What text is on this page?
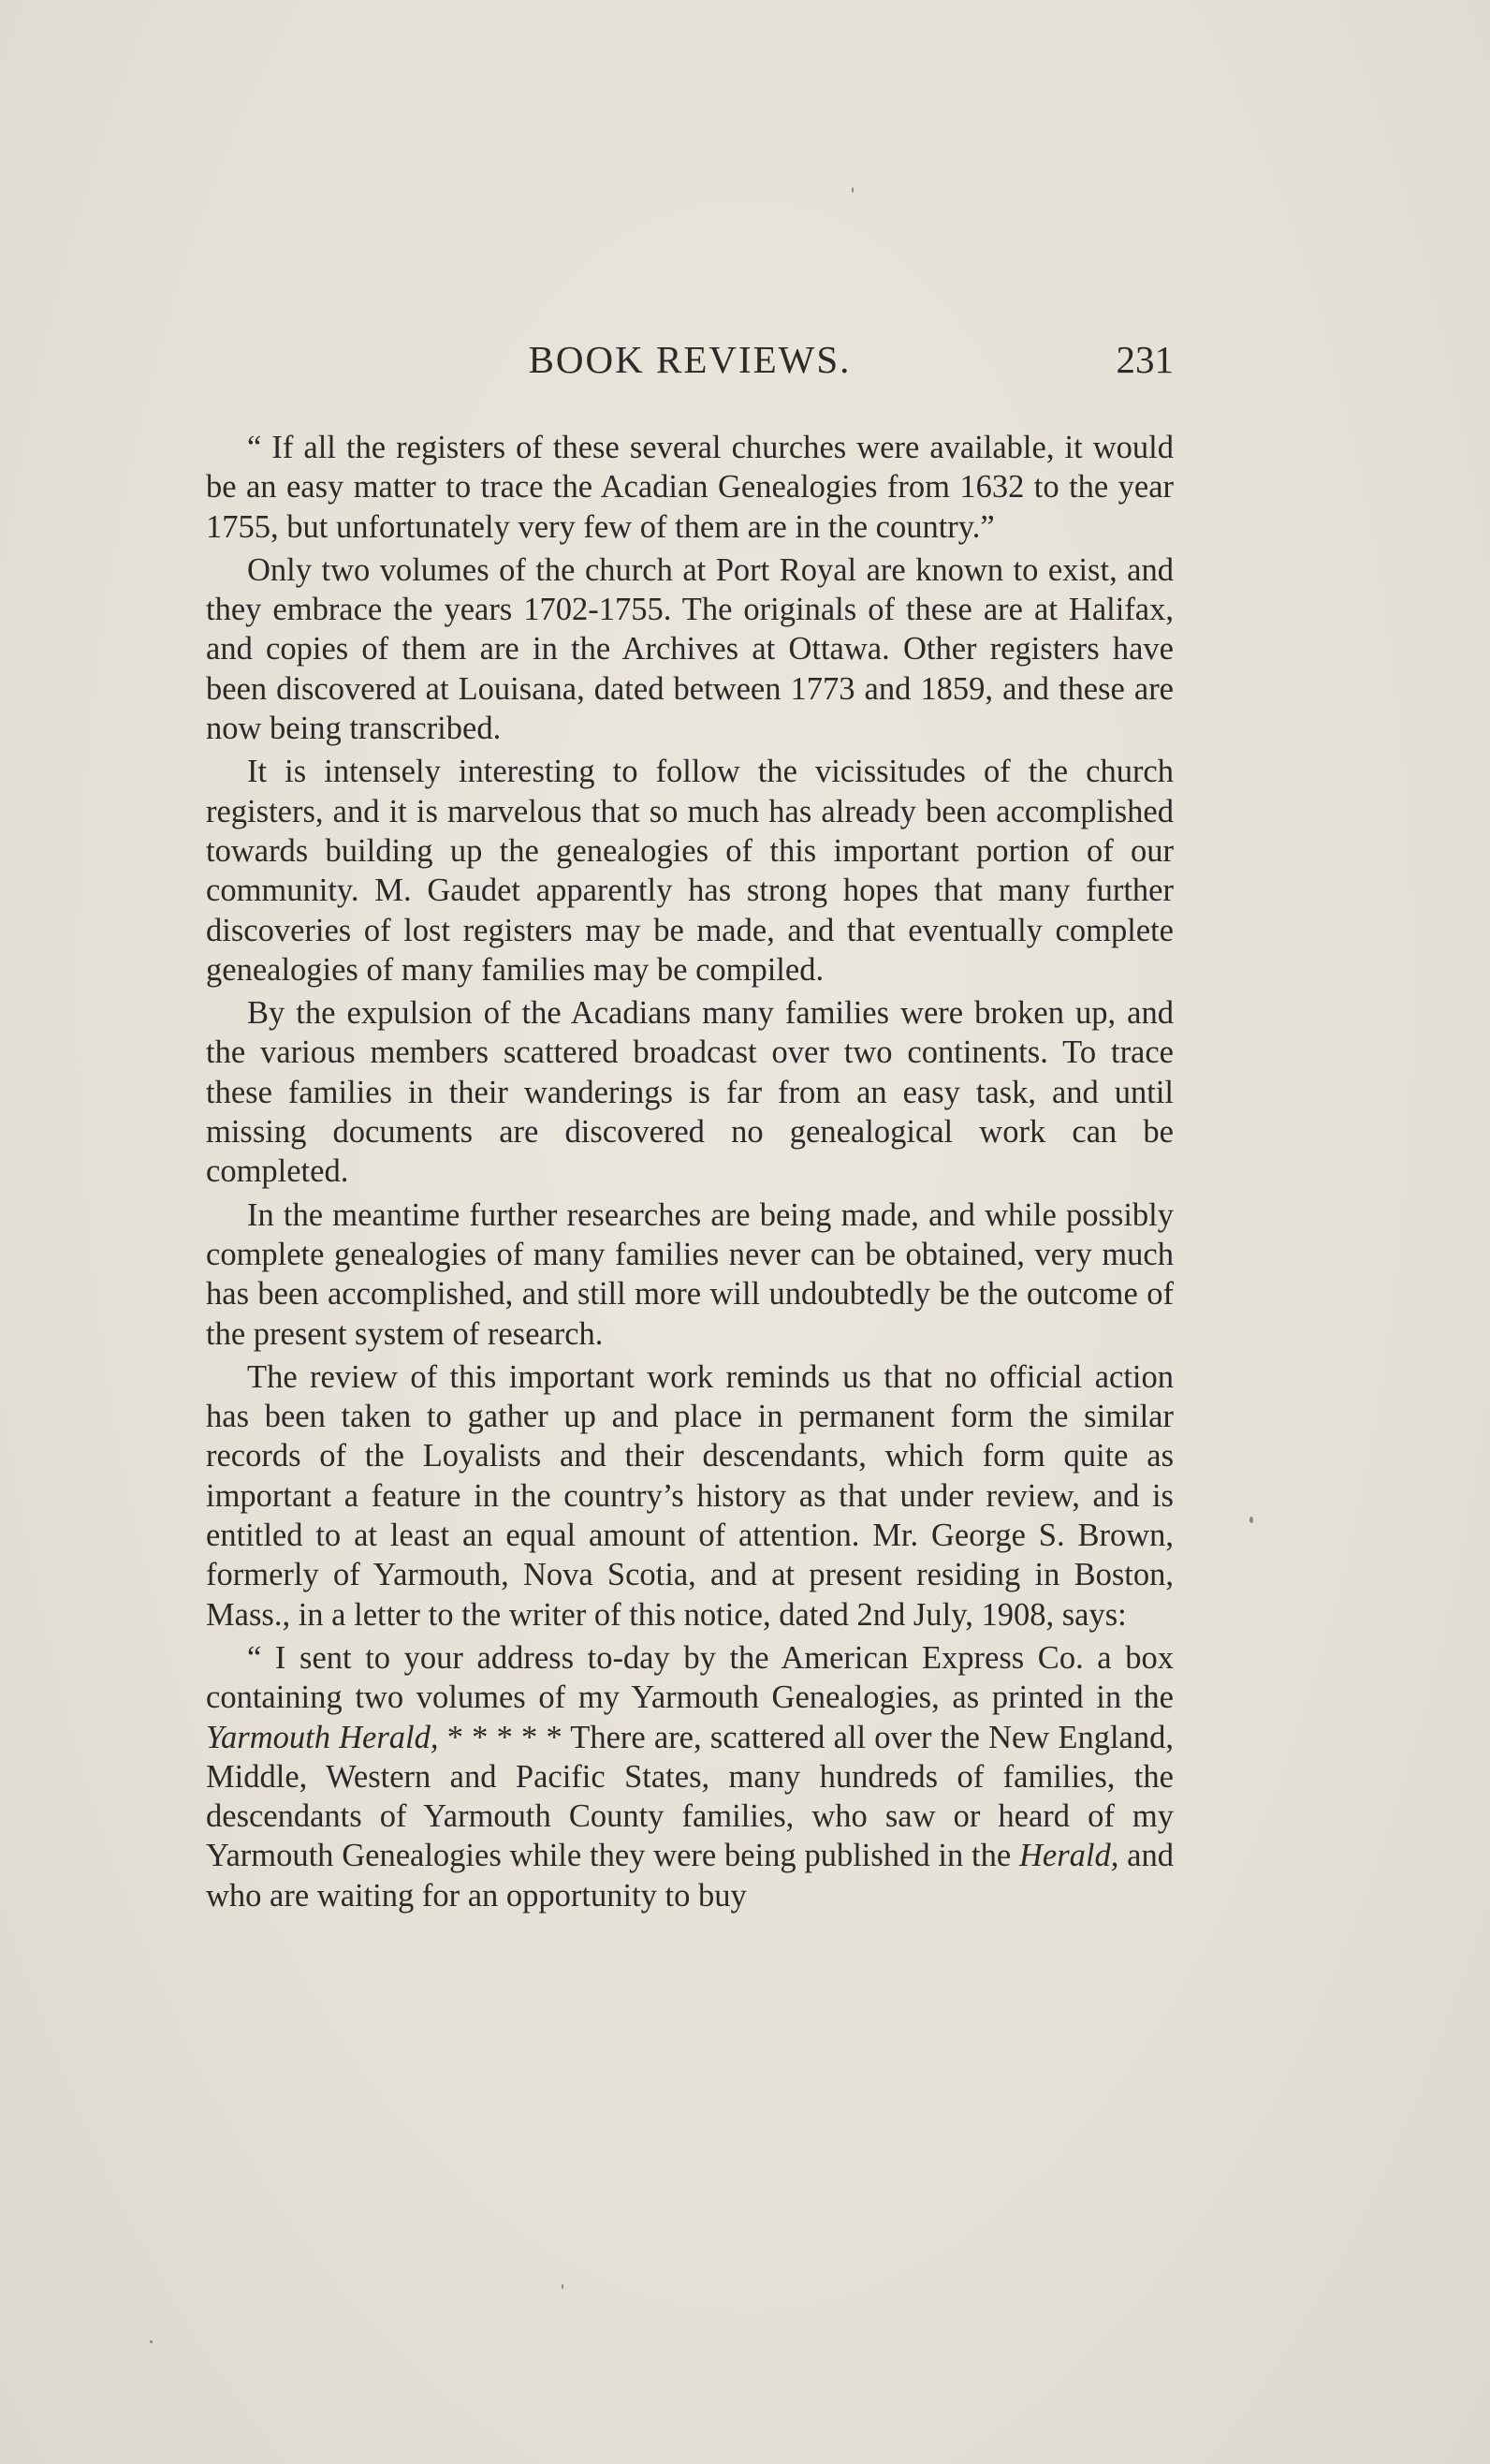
BOOK REVIEWS.	231

“ If all the registers of these several churches were available, it would be an easy matter to trace the Acadian Genealogies from 1632 to the year 1755, but unfortunately very few of them are in the country.”

Only two volumes of the church at Port Royal are known to exist, and they embrace the years 1702-1755. The originals of these are at Halifax, and copies of them are in the Archives at Ottawa. Other registers have been discovered at Louisana, dated between 1773 and 1859, and these are now being transcribed.

It is intensely interesting to follow the vicissitudes of the church registers, and it is marvelous that so much has already been accomplished towards building up the genealogies of this important portion of our community. M. Gaudet apparently has strong hopes that many further discoveries of lost registers may be made, and that eventually complete genealogies of many families may be compiled.

By the expulsion of the Acadians many families were broken up, and the various members scattered broadcast over two continents. To trace these families in their wanderings is far from an easy task, and until missing documents are discovered no genealogical work can be completed.

In the meantime further researches are being made, and while possibly complete genealogies of many families never can be obtained, very much has been accomplished, and still more will undoubtedly be the outcome of the present system of research.

The review of this important work reminds us that no official action has been taken to gather up and place in permanent form the similar records of the Loyalists and their descendants, which form quite as important a feature in the country’s history as that under review, and is entitled to at least an equal amount of attention. Mr. George S. Brown, formerly of Yarmouth, Nova Scotia, and at present residing in Boston, Mass., in a letter to the writer of this notice, dated 2nd July, 1908, says:

“ I sent to your address to-day by the American Express Co. a box containing two volumes of my Yarmouth Genealogies, as printed in the Yarmouth Herald, * * * * * There are, scattered all over the New England, Middle, Western and Pacific States, many hundreds of families, the descendants of Yarmouth County families, who saw or heard of my Yarmouth Genealogies while they were being published in the Herald, and who are waiting for an opportunity to buy
